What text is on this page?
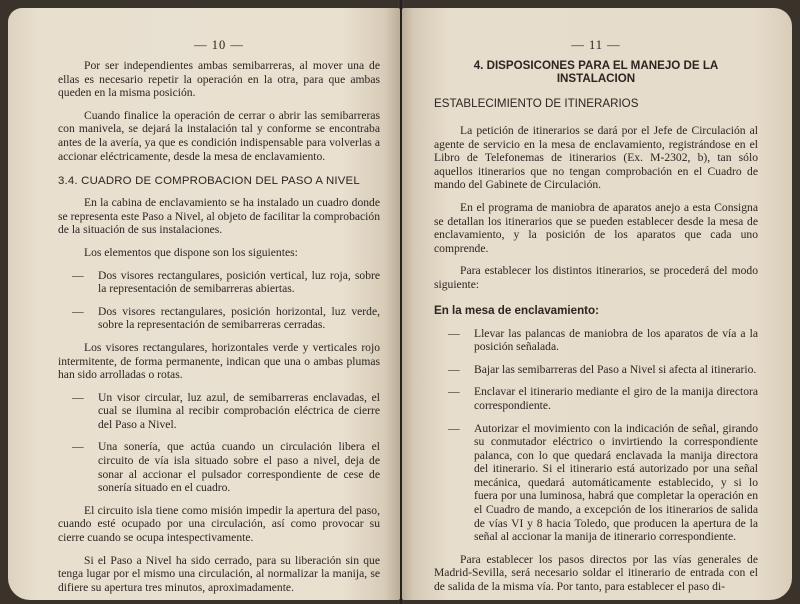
— 10 —

Por ser independientes ambas semibarreras, al mover una de ellas es necesario repetir la operación en la otra, para que ambas queden en la misma posición.

Cuando finalice la operación de cerrar o abrir las semibarreras con manivela, se dejará la instalación tal y conforme se encontraba antes de la avería, ya que es condición indispensable para volverlas a accionar eléctricamente, desde la mesa de enclavamiento.

3.4. CUADRO DE COMPROBACION DEL PASO A NIVEL

En la cabina de enclavamiento se ha instalado un cuadro donde se representa este Paso a Nivel, al objeto de facilitar la comprobación de la situación de sus instalaciones.

Los elementos que dispone son los siguientes:

—	Dos visores rectangulares, posición vertical, luz roja, sobre la representación de semibarreras abiertas.
—	Dos visores rectangulares, posición horizontal, luz verde, sobre la representación de semibarreras cerradas.

Los visores rectangulares, horizontales verde y verticales rojo intermitente, de forma permanente, indican que una o ambas plumas han sido arrolladas o rotas.

—	Un visor circular, luz azul, de semibarreras enclavadas, el cual se ilumina al recibir comprobación eléctrica de cierre del Paso a Nivel.
—	Una sonería, que actúa cuando un circulación libera el circuito de vía isla situado sobre el paso a nivel, deja de sonar al accionar el pulsador correspondiente de cese de sonería situado en el cuadro.

El circuito isla tiene como misión impedir la apertura del paso, cuando esté ocupado por una circulación, así como provocar su cierre cuando se ocupa intespectivamente.

Si el Paso a Nivel ha sido cerrado, para su liberación sin que tenga lugar por el mismo una circulación, al normalizar la manija, se difiere su apertura tres minutos, aproximadamente.

— 11 —
4. DISPOSICONES PARA EL MANEJO DE LA
INSTALACION
ESTABLECIMIENTO DE ITINERARIOS

La petición de itinerarios se dará por el Jefe de Circulación al agente de servicio en la mesa de enclavamiento, registrándose en el Libro de Telefonemas de itinerarios (Ex. M-2302, b), tan sólo aquellos itinerarios que no tengan comprobación en el Cuadro de mando del Gabinete de Circulación.

En el programa de maniobra de aparatos anejo a esta Consigna se detallan los itinerarios que se pueden establecer desde la mesa de enclavamiento, y la posición de los aparatos que cada uno comprende.

Para establecer los distintos itinerarios, se procederá del modo siguiente:

En la mesa de enclavamiento:
—	Llevar las palancas de maniobra de los aparatos de vía a la posición señalada.
—	Bajar las semibarreras del Paso a Nivel si afecta al itinerario.
—	Enclavar el itinerario mediante el giro de la manija directora correspondiente.
—	Autorizar el movimiento con la indicación de señal, girando su conmutador eléctrico o invirtiendo la correspondiente palanca, con lo que quedará enclavada la manija directora del itinerario. Si el itinerario está autorizado por una señal mecánica, quedará automáticamente establecido, y si lo fuera por una luminosa, habrá que completar la operación en el Cuadro de mando, a excepción de los itinerarios de salida de vías VI y 8 hacia Toledo, que producen la apertura de la señal al accionar la manija de itinerario correspondiente.

Para establecer los pasos directos por las vías generales de Madrid-Sevilla, será necesario soldar el itinerario de entrada con el de salida de la misma vía. Por tanto, para establecer el paso di-
